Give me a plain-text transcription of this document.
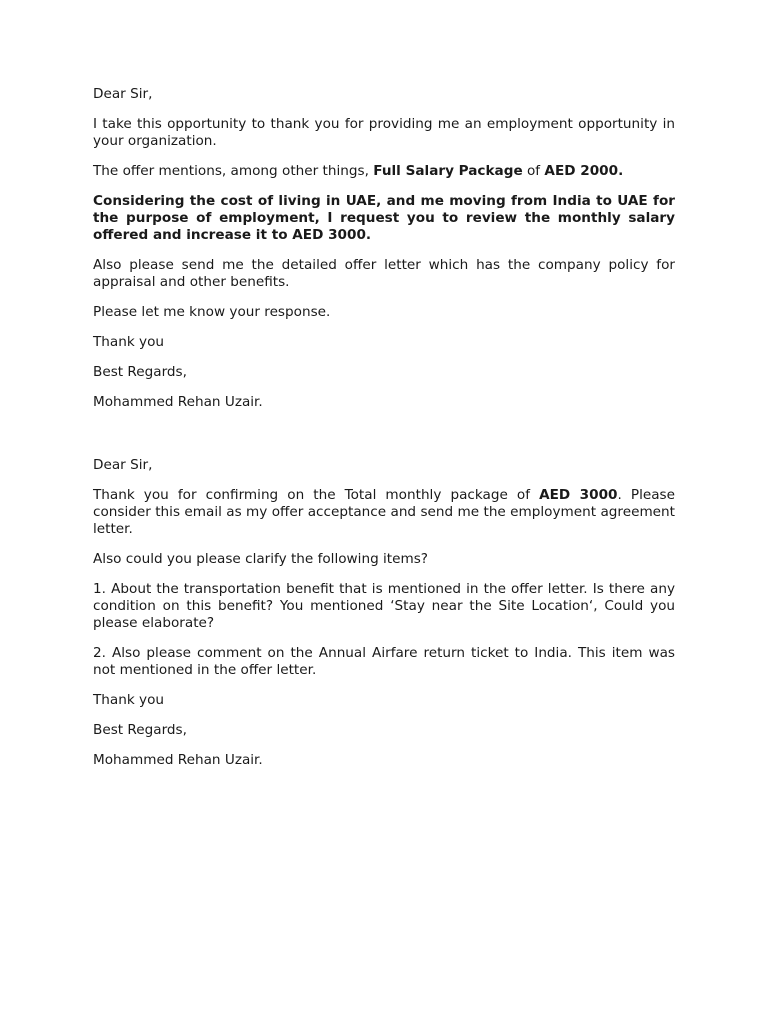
Dear Sir,

I take this opportunity to thank you for providing me an employment opportunity in your organization.

The offer mentions, among other things, Full Salary Package of AED 2000.

Considering the cost of living in UAE, and me moving from India to UAE for the purpose of employment, I request you to review the monthly salary offered and increase it to AED 3000.

Also please send me the detailed offer letter which has the company policy for appraisal and other benefits.

Please let me know your response.

Thank you

Best Regards,

Mohammed Rehan Uzair.

Dear Sir,

Thank you for confirming on the Total monthly package of AED 3000. Please consider this email as my offer acceptance and send me the employment agreement letter.

Also could you please clarify the following items?

1. About the transportation benefit that is mentioned in the offer letter. Is there any condition on this benefit? You mentioned ‘Stay near the Site Location‘, Could you please elaborate?

2. Also please comment on the Annual Airfare return ticket to India. This item was not mentioned in the offer letter.

Thank you

Best Regards,

Mohammed Rehan Uzair.
